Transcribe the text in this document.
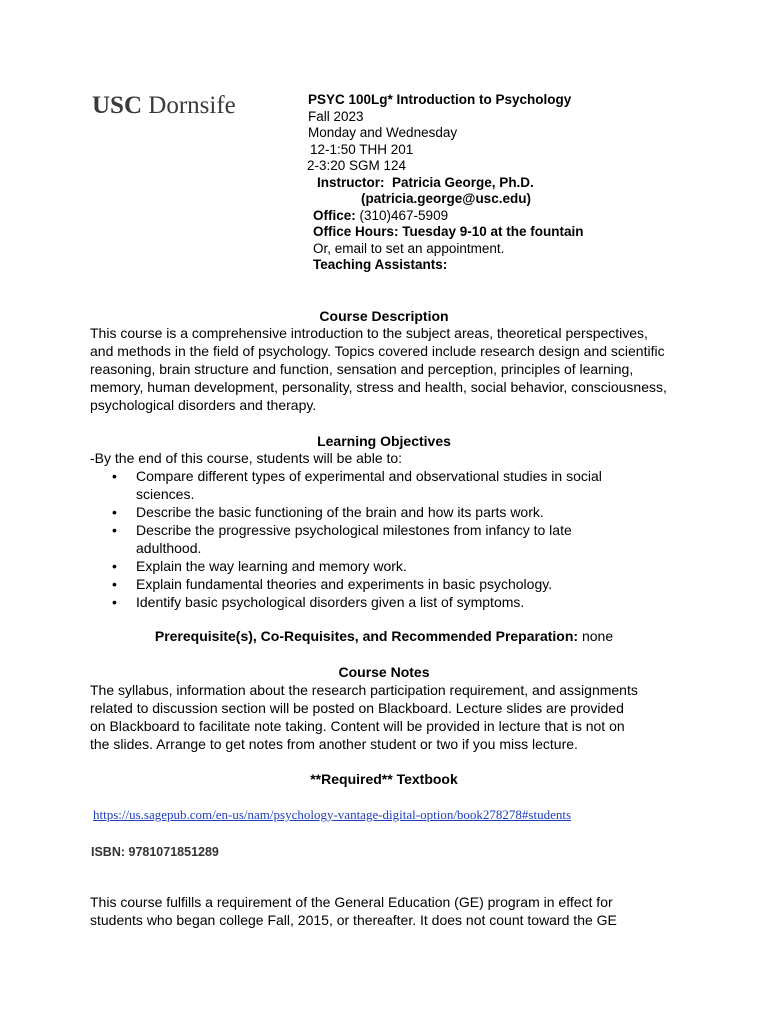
USC Dornsife	PSYC 100Lg* Introduction to Psychology
Fall 2023
Monday and Wednesday
12-1:50 THH 201
2-3:20 SGM 124
Instructor: Patricia George, Ph.D.
(patricia.george@usc.edu)
Office: (310)467-5909
Office Hours: Tuesday 9-10 at the fountain
Or, email to set an appointment.
Teaching Assistants:
Course Description
This course is a comprehensive introduction to the subject areas, theoretical perspectives,
and methods in the field of psychology. Topics covered include research design and scientific
reasoning, brain structure and function, sensation and perception, principles of learning,
memory, human development, personality, stress and health, social behavior, consciousness,
psychological disorders and therapy.
Learning Objectives
-By the end of this course, students will be able to:
• Compare different types of experimental and observational studies in social
sciences.
• Describe the basic functioning of the brain and how its parts work.
• Describe the progressive psychological milestones from infancy to late
adulthood.
• Explain the way learning and memory work.
• Explain fundamental theories and experiments in basic psychology.
• Identify basic psychological disorders given a list of symptoms.
Prerequisite(s), Co-Requisites, and Recommended Preparation: none
Course Notes
The syllabus, information about the research participation requirement, and assignments
related to discussion section will be posted on Blackboard. Lecture slides are provided
on Blackboard to facilitate note taking. Content will be provided in lecture that is not on
the slides. Arrange to get notes from another student or two if you miss lecture.
**Required** Textbook
https://us.sagepub.com/en-us/nam/psychology-vantage-digital-option/book278278#students
ISBN: 9781071851289
This course fulfills a requirement of the General Education (GE) program in effect for
students who began college Fall, 2015, or thereafter. It does not count toward the GE
